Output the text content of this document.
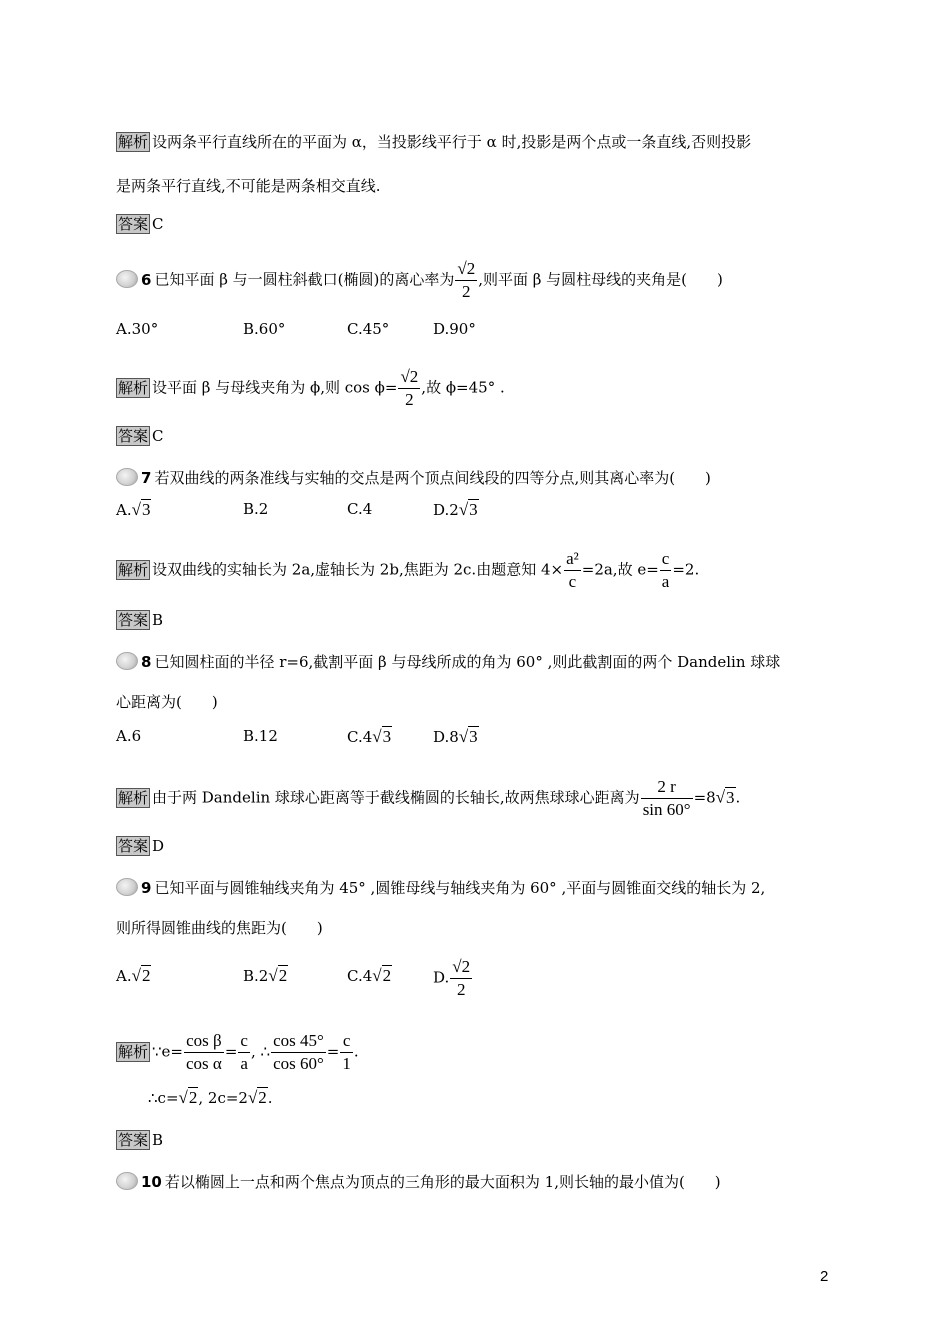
解析 设两条平行直线所在的平面为 α，当投影线平行于 α 时,投影是两个点或一条直线,否则投影
是两条平行直线,不可能是两条相交直线.
答案 C
6 已知平面 β 与一圆柱斜截口(椭圆)的离心率为 $\frac{√2}{2}$ ,则平面 β 与圆柱母线的夹角是(　　)
A.30°	B.60°	C.45°	D.90°
解析 设平面 β 与母线夹角为 ϕ,则 $\cos \phi= \frac{√2}{2}$ ,故 ϕ=45° .
答案 C
7 若双曲线的两条准线与实轴的交点是两个顶点间线段的四等分点,则其离心率为(　　)
A.√3	B.2	C.4	D.2√3
解析 设双曲线的实轴长为 2a,虚轴长为 2b,焦距为 2c.由题意知 $4\times \frac{\text{a²}}{c} =2a$,故 $e= \frac{c}{a} =2$.
答案 B
8 已知圆柱面的半径 r=6,截割平面 β 与母线所成的角为 60° ,则此截割面的两个 Dandelin 球球
心距离为(　　)
A.6	B.12	C.4√3	D.8√3
解析 由于两 Dandelin 球球心距离等于截线椭圆的长轴长,故两焦球球心距离为 $\frac{2 r}{\sin 60^\circ} =8√3$.
答案 D
9 已知平面与圆锥轴线夹角为 45° ,圆锥母线与轴线夹角为 60° ,平面与圆锥面交线的轴长为 2,
则所得圆锥曲线的焦距为(　　)
A.√2	B.2√2	C.4√2	D. $\frac{√2}{2}$
解析 ∵e= $\frac{\text{cos β}}{\text{cos α}} = \frac{c}{a}$ , ∴ $\frac{\cos 45^\circ}{\cos 60^\circ} = \frac{c}{1}$ .
∴c=√2, 2c=2√2.
答案 B
10 若以椭圆上一点和两个焦点为顶点的三角形的最大面积为 1,则长轴的最小值为(　　)
2
